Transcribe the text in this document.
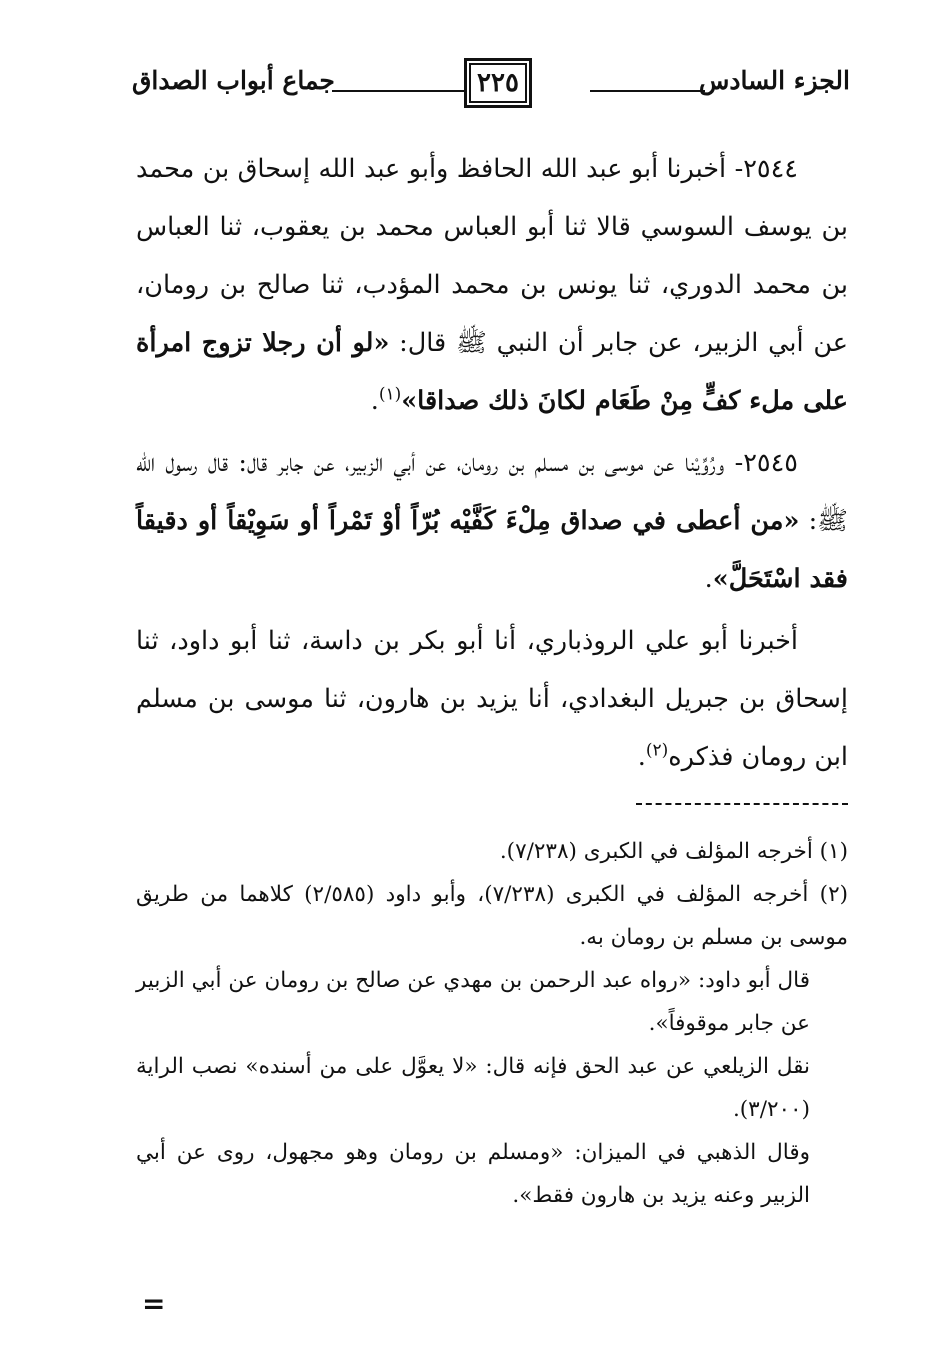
الجزء السادس
٢٢٥
جماع أبواب الصداق

٢٥٤٤- أخبرنا أبو عبد الله الحافظ وأبو عبد الله إسحاق بن محمد بن يوسف السوسي قالا ثنا أبو العباس محمد بن يعقوب، ثنا العباس بن محمد الدوري، ثنا يونس بن محمد المؤدب، ثنا صالح بن رومان، عن أبي الزبير، عن جابر أن النبي ﷺ قال: «لو أن رجلا تزوج امرأة على ملء كفٍّ مِنْ طَعَام لكانَ ذلك صداقا»$^{(١)}$.

٢٥٤٥- ورُوِّيْنا عن موسى بن مسلم بن رومان، عن أبي الزبير، عن جابر قال: قال رسول الله ﷺ: «من أعطى في صداق مِلْءَ كَفَّيْه بُرّاً أوْ تَمْراً أو سَوِيْقاً أو دقيقاً فقد اسْتَحَلَّ».

أخبرنا أبو علي الروذباري، أنا أبو بكر بن داسة، ثنا أبو داود، ثنا إسحاق بن جبريل البغدادي، أنا يزيد بن هارون، ثنا موسى بن مسلم ابن رومان فذكره$^{(٢)}$.

(١) أخرجه المؤلف في الكبرى (٧/٢٣٨).

(٢) أخرجه المؤلف في الكبرى (٧/٢٣٨)، وأبو داود (٢/٥٨٥) كلاهما من طريق موسى بن مسلم بن رومان به.

قال أبو داود: «رواه عبد الرحمن بن مهدي عن صالح بن رومان عن أبي الزبير عن جابر موقوفاً».

نقل الزيلعي عن عبد الحق فإنه قال: «لا يعوَّل على من أسنده» نصب الراية (٣/٢٠٠).

وقال الذهبي في الميزان: «ومسلم بن رومان وهو مجهول، روى عن أبي الزبير وعنه يزيد بن هارون فقط».

=
